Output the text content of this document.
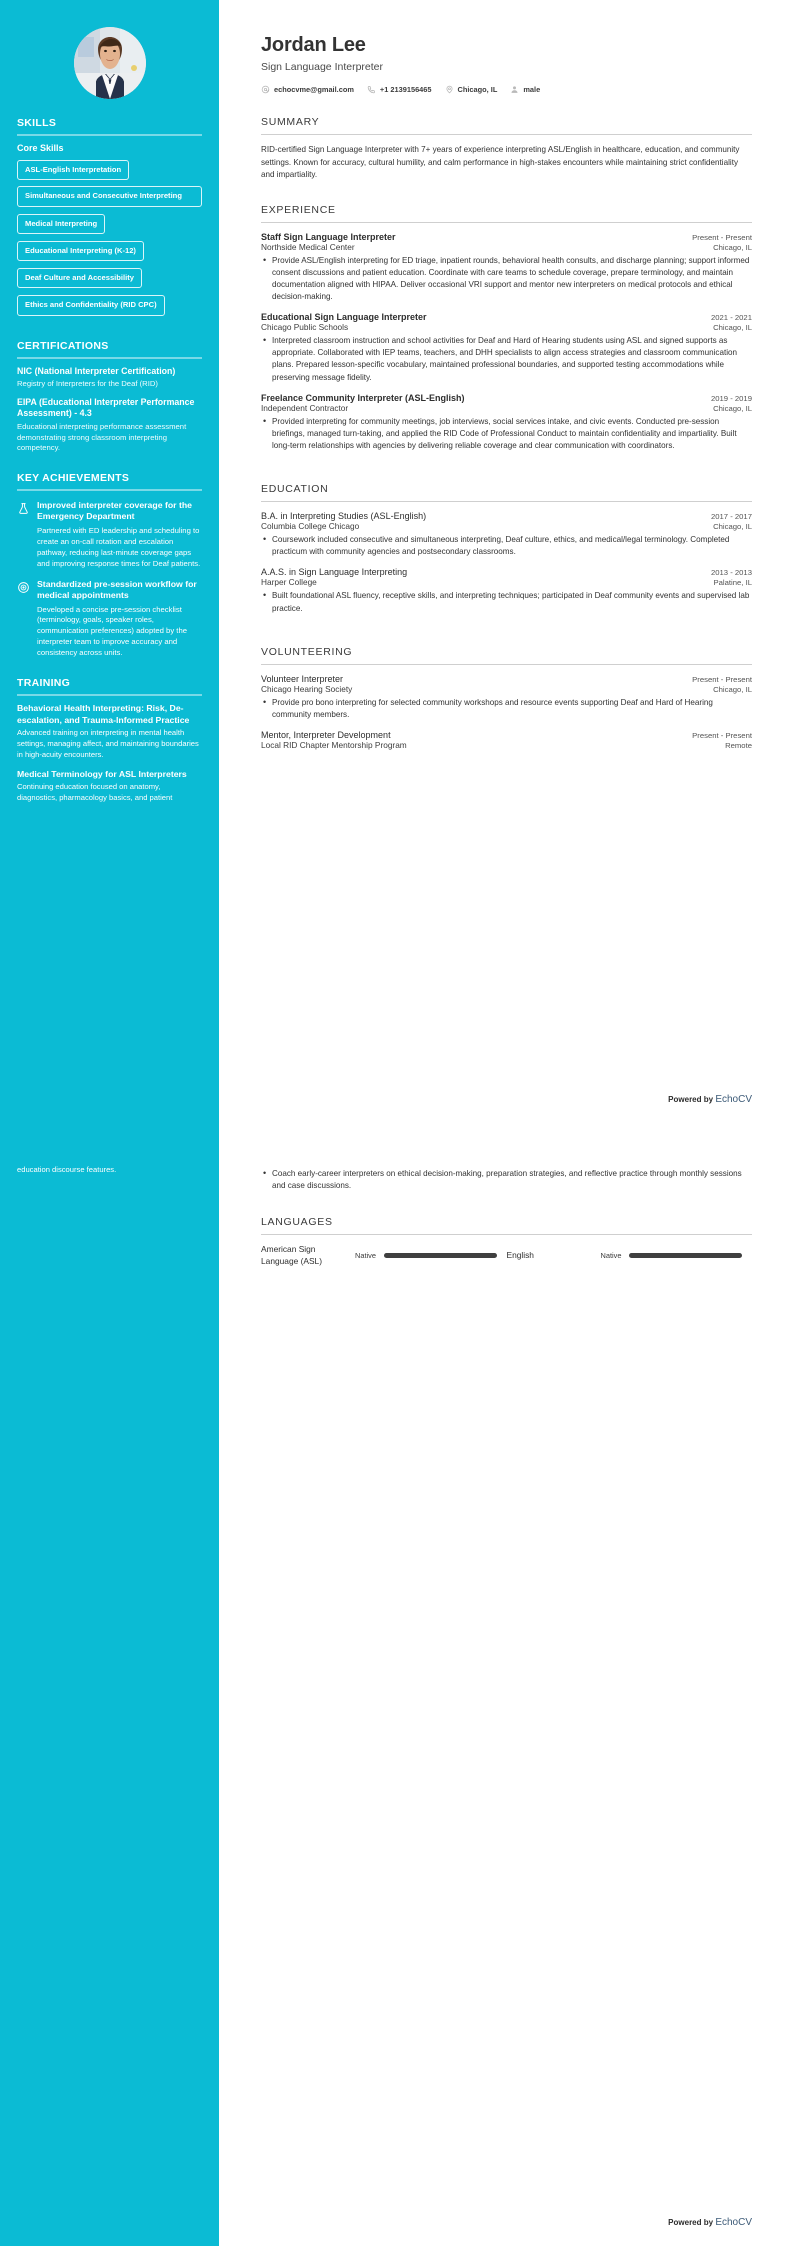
SKILLS
Core Skills
ASL-English Interpretation
Simultaneous and Consecutive Interpreting
Medical Interpreting Educational Interpreting (K-12) Deaf Culture and Accessibility Ethics and Confidentiality (RID CPC)
CERTIFICATIONS
NIC (National Interpreter Certification)
Registry of Interpreters for the Deaf (RID)
EIPA (Educational Interpreter Performance Assessment) - 4.3
Educational interpreting performance assessment demonstrating strong classroom interpreting competency.
KEY ACHIEVEMENTS
Improved interpreter coverage for the Emergency Department
Partnered with ED leadership and scheduling to create an on-call rotation and escalation pathway, reducing last-minute coverage gaps and improving response times for Deaf patients.
Standardized pre-session workflow for medical appointments
Developed a concise pre-session checklist (terminology, goals, speaker roles, communication preferences) adopted by the interpreter team to improve accuracy and consistency across units.
TRAINING
Behavioral Health Interpreting: Risk, De-escalation, and Trauma-Informed Practice
Advanced training on interpreting in mental health settings, managing affect, and maintaining boundaries in high-acuity encounters.
Medical Terminology for ASL Interpreters
Continuing education focused on anatomy, diagnostics, pharmacology basics, and patient
Jordan Lee
Sign Language Interpreter
echocvme@gmail.com	+1 2139156465	Chicago, IL	male
SUMMARY

RID-certified Sign Language Interpreter with 7+ years of experience interpreting ASL/English in healthcare, education, and community settings. Known for accuracy, cultural humility, and calm performance in high-stakes encounters while maintaining strict confidentiality and impartiality.

EXPERIENCE
Staff Sign Language Interpreter	Present - Present
Northside Medical Center	Chicago, IL
• Provide ASL/English interpreting for ED triage, inpatient rounds, behavioral health consults, and discharge planning; support informed consent discussions and patient education. Coordinate with care teams to schedule coverage, prepare terminology, and maintain documentation aligned with HIPAA. Deliver occasional VRI support and mentor new interpreters on medical protocols and ethical decision-making.
Educational Sign Language Interpreter	2021 - 2021
Chicago Public Schools	Chicago, IL
• Interpreted classroom instruction and school activities for Deaf and Hard of Hearing students using ASL and signed supports as appropriate. Collaborated with IEP teams, teachers, and DHH specialists to align access strategies and classroom communication plans. Prepared lesson-specific vocabulary, maintained professional boundaries, and supported testing accommodations while preserving message fidelity.
Freelance Community Interpreter (ASL-English)	2019 - 2019
Independent Contractor	Chicago, IL
• Provided interpreting for community meetings, job interviews, social services intake, and civic events. Conducted pre-session briefings, managed turn-taking, and applied the RID Code of Professional Conduct to maintain confidentiality and impartiality. Built long-term relationships with agencies by delivering reliable coverage and clear communication with coordinators.
EDUCATION
B.A. in Interpreting Studies (ASL-English)	2017 - 2017
Columbia College Chicago	Chicago, IL
• Coursework included consecutive and simultaneous interpreting, Deaf culture, ethics, and medical/legal terminology. Completed practicum with community agencies and postsecondary classrooms.
A.A.S. in Sign Language Interpreting	2013 - 2013
Harper College	Palatine, IL
• Built foundational ASL fluency, receptive skills, and interpreting techniques; participated in Deaf community events and supervised lab practice.
VOLUNTEERING
Volunteer Interpreter	Present - Present
Chicago Hearing Society	Chicago, IL
• Provide pro bono interpreting for selected community workshops and resource events supporting Deaf and Hard of Hearing community members.
Mentor, Interpreter Development	Present - Present
Local RID Chapter Mentorship Program	Remote
Powered by EchoCV
education discourse features.	• Coach early-career interpreters on ethical decision-making, preparation strategies, and reflective practice through monthly sessions and case discussions.
LANGUAGES
American Sign Language (ASL)	Native	English	Native
Powered by EchoCV
